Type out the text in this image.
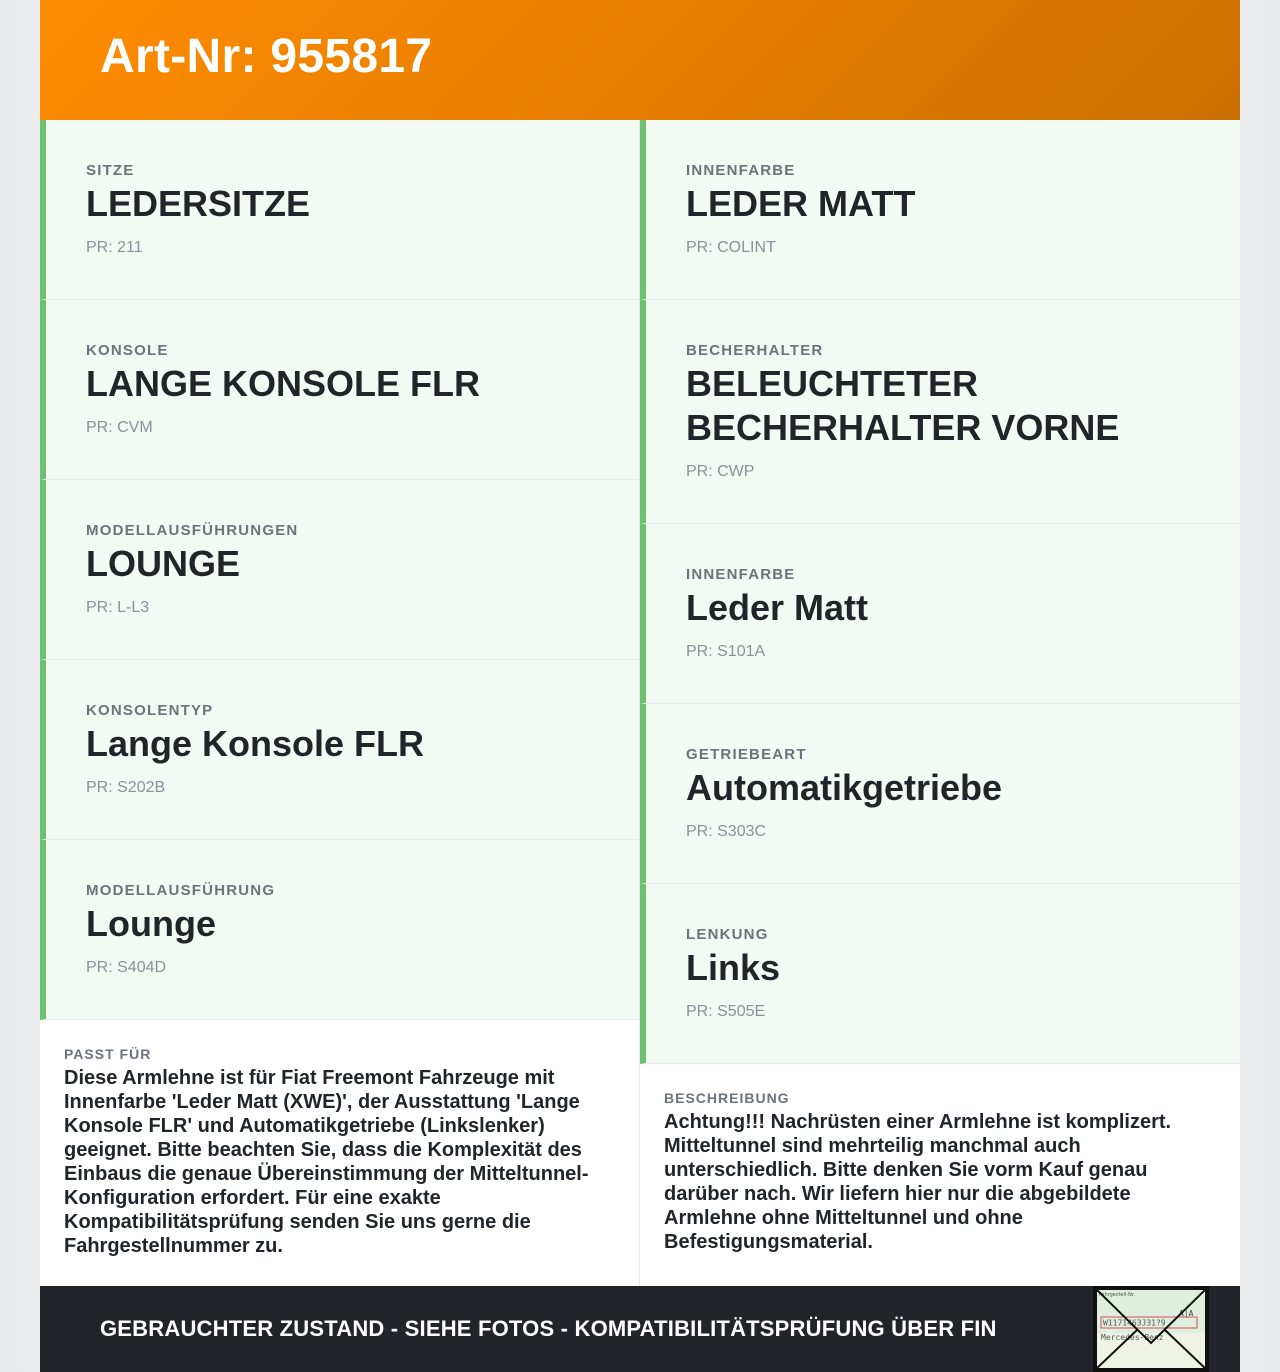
Art-Nr: 955817
SITZE
LEDERSITZE
PR: 211
KONSOLE
LANGE KONSOLE FLR
PR: CVM
MODELLAUSFÜHRUNGEN
LOUNGE
PR: L-L3
KONSOLENTYP
Lange Konsole FLR
PR: S202B
MODELLAUSFÜHRUNG
Lounge
PR: S404D
PASST FÜR
Diese Armlehne ist für Fiat Freemont Fahrzeuge mit Innenfarbe 'Leder Matt (XWE)', der Ausstattung 'Lange Konsole FLR' und Automatikgetriebe (Linkslenker) geeignet. Bitte beachten Sie, dass die Komplexität des Einbaus die genaue Übereinstimmung der Mitteltunnel-Konfiguration erfordert. Für eine exakte Kompatibilitätsprüfung senden Sie uns gerne die Fahrgestellnummer zu.
INNENFARBE
LEDER MATT
PR: COLINT
BECHERHALTER
BELEUCHTETER BECHERHALTER VORNE
PR: CWP
INNENFARBE
Leder Matt
PR: S101A
GETRIEBEART
Automatikgetriebe
PR: S303C
LENKUNG
Links
PR: S505E
BESCHREIBUNG
Achtung!!! Nachrüsten einer Armlehne ist komplizert. Mitteltunnel sind mehrteilig manchmal auch unterschiedlich. Bitte denken Sie vorm Kauf genau darüber nach. Wir liefern hier nur die abgebildete Armlehne ohne Mitteltunnel und ohne Befestigungsmaterial.
GEBRAUCHTER ZUSTAND - SIEHE FOTOS - KOMPATIBILITÄTSPRÜFUNG ÜBER FIN
Fahrgestell-Nr.
A|A
W1171463J31?9
Mercedes-Benz
